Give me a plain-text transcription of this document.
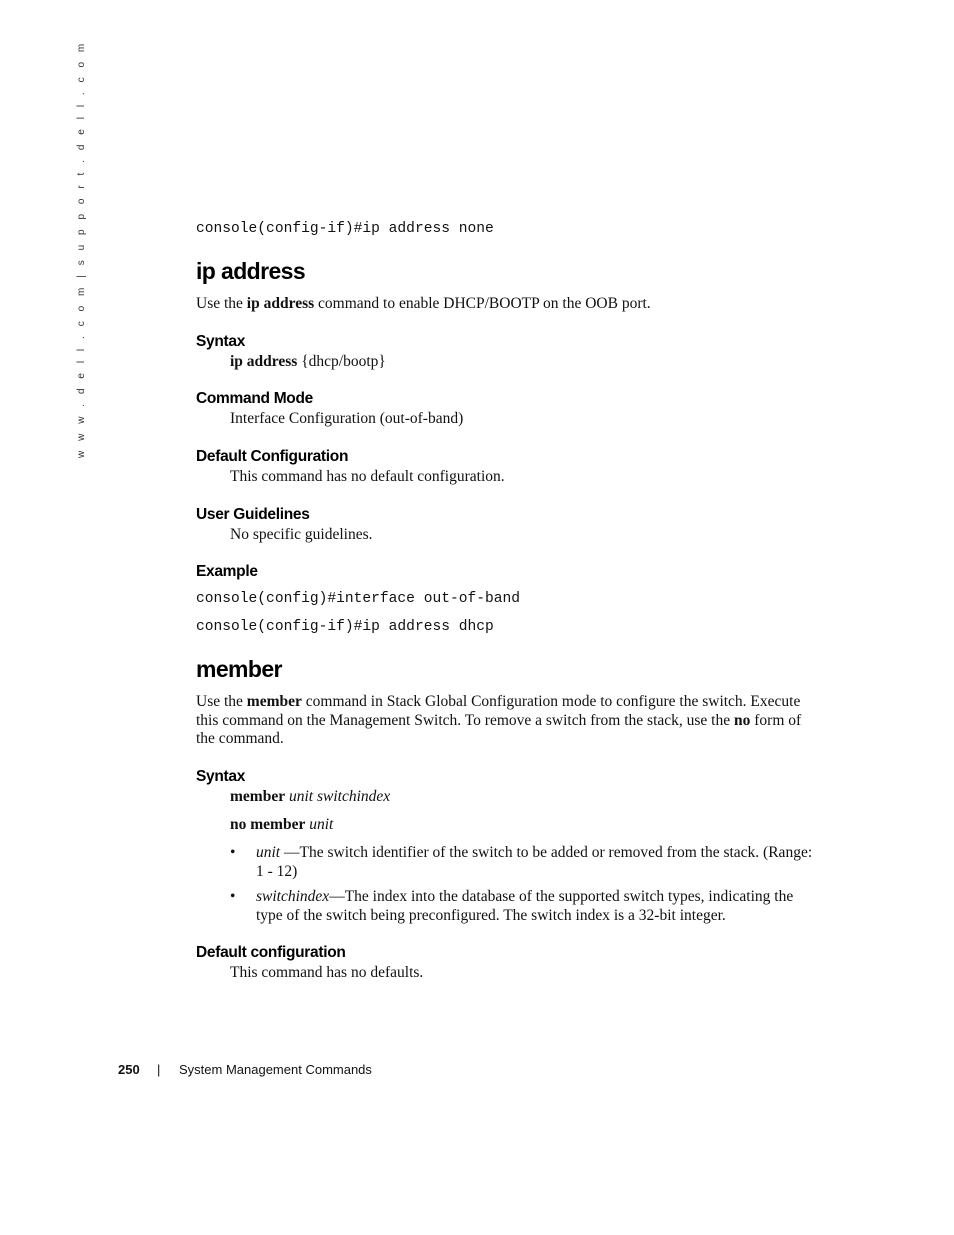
w w w . d e l l . c o m | s u p p o r t . d e l l . c o m	console(config-if)#ip address none
ip address
Use the ip address command to enable DHCP/BOOTP on the OOB port.
Syntax
ip address {dhcp/bootp}
Command Mode
Interface Configuration (out-of-band)
Default Configuration
This command has no default configuration.
User Guidelines
No specific guidelines.
Example
console(config)#interface out-of-band
console(config-if)#ip address dhcp
member
Use the member command in Stack Global Configuration mode to configure the switch. Execute this command on the Management Switch. To remove a switch from the stack, use the no form of the command.
Syntax
member unit switchindex
no member unit
• unit —The switch identifier of the switch to be added or removed from the stack. (Range: 1 - 12)
• switchindex—The index into the database of the supported switch types, indicating the type of the switch being preconfigured. The switch index is a 32-bit integer.
Default configuration
This command has no defaults.
250 | System Management Commands
